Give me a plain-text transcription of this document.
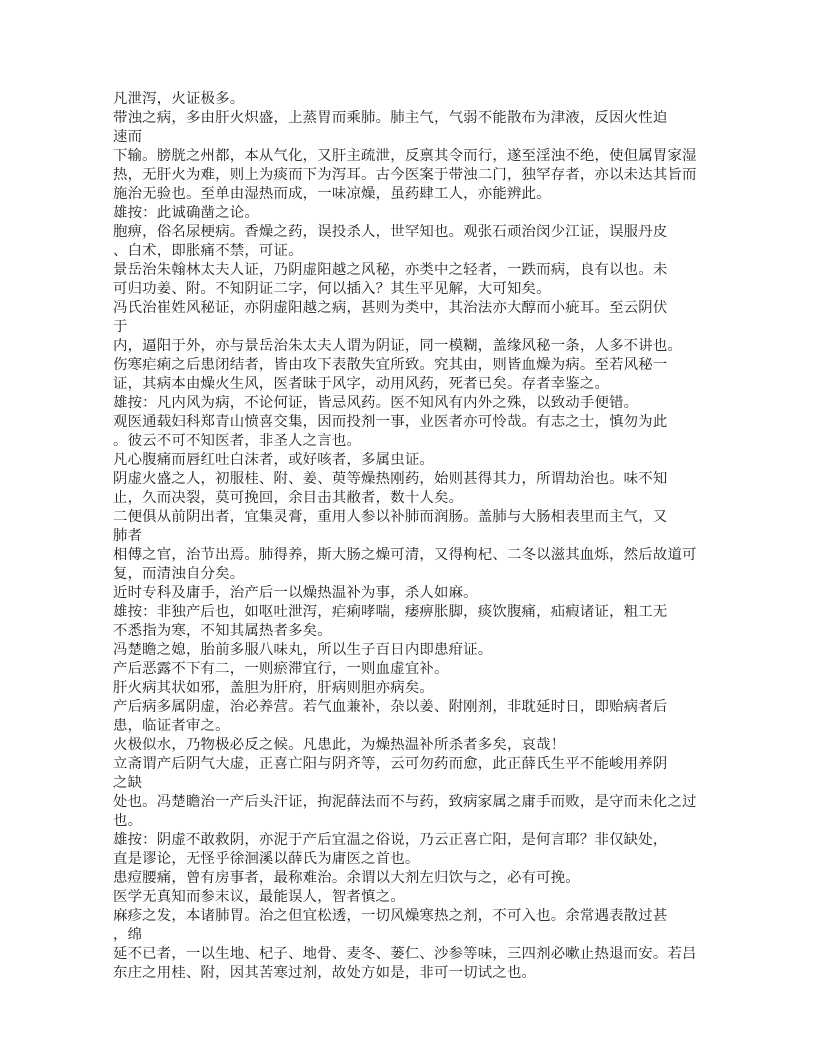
凡泄泻，火证极多。
带浊之病，多由肝火炽盛，上蒸胃而乘肺。肺主气，气弱不能散布为津液，反因火性迫
速而
下输。膀胱之州都，本从气化，又肝主疏泄，反禀其令而行，遂至淫浊不绝，使但属胃家湿
热，无肝火为难，则上为痰而下为泻耳。古今医案于带浊二门，独罕存者，亦以未达其旨而
施治无验也。至单由湿热而成，一味凉燥，虽药肆工人，亦能辨此。
雄按：此诚确凿之论。
胞痹，俗名尿梗病。香燥之药，误投杀人，世罕知也。观张石顽治闵少江证，误服丹皮
、白术，即胀痛不禁，可证。
景岳治朱翰林太夫人证，乃阴虚阳越之风秘，亦类中之轻者，一跌而病，良有以也。未
可归功姜、附。不知阴证二字，何以插入？其生平见解，大可知矣。
冯氏治崔姓风秘证，亦阴虚阳越之病，甚则为类中，其治法亦大醇而小疵耳。至云阴伏
于
内，逼阳于外，亦与景岳治朱太夫人谓为阴证，同一模糊，盖缘风秘一条，人多不讲也。
伤寒疟痢之后患闭结者，皆由攻下表散失宜所致。究其由，则皆血燥为病。至若风秘一
证，其病本由燥火生风，医者昧于风字，动用风药，死者已矣。存者幸鉴之。
雄按：凡内风为病，不论何证，皆忌风药。医不知风有内外之殊，以致动手便错。
观医通载妇科郑青山愤喜交集，因而投剂一事，业医者亦可怜哉。有志之士，慎勿为此
。彼云不可不知医者，非圣人之言也。
凡心腹痛而唇红吐白沫者，或好咳者，多属虫证。
阴虚火盛之人，初服桂、附、姜、萸等燥热刚药，始则甚得其力，所谓劫治也。味不知
止，久而决裂，莫可挽回，余目击其敝者，数十人矣。
二便俱从前阴出者，宜集灵膏，重用人参以补肺而润肠。盖肺与大肠相表里而主气，又
肺者
相傅之官，治节出焉。肺得养，斯大肠之燥可清，又得枸杞、二冬以滋其血烁，然后故道可
复，而清浊自分矣。
近时专科及庸手，治产后一以燥热温补为事，杀人如麻。
雄按：非独产后也，如呕吐泄泻，疟痢哮喘，痿痹胀脚，痰饮腹痛，疝瘕诸证，粗工无
不悉指为寒，不知其属热者多矣。
冯楚瞻之媳，胎前多服八味丸，所以生子百日内即患疳证。
产后恶露不下有二，一则瘀滞宜行，一则血虚宜补。
肝火病其状如邪，盖胆为肝府，肝病则胆亦病矣。
产后病多属阴虚，治必养营。若气血兼补，杂以姜、附刚剂，非耽延时日，即贻病者后
患，临证者审之。
火极似水，乃物极必反之候。凡患此，为燥热温补所杀者多矣，哀哉！
立斋谓产后阴气大虚，正喜亡阳与阴齐等，云可勿药而愈，此正薛氏生平不能峻用养阴
之缺
处也。冯楚瞻治一产后头汗证，拘泥薛法而不与药，致病家属之庸手而败，是守而未化之过
也。
雄按：阴虚不敢救阴，亦泥于产后宜温之俗说，乃云正喜亡阳，是何言耶？非仅缺处，
直是谬论，无怪乎徐洄溪以薛氏为庸医之首也。
患痘腰痛，曾有房事者，最称难治。余谓以大剂左归饮与之，必有可挽。
医学无真知而参末议，最能误人，智者慎之。
麻疹之发，本诸肺胃。治之但宜松透，一切风燥寒热之剂，不可入也。余常遇表散过甚
，绵
延不已者，一以生地、杞子、地骨、麦冬、蒌仁、沙参等味，三四剂必嗽止热退而安。若吕
东庄之用桂、附，因其苦寒过剂，故处方如是，非可一切试之也。
